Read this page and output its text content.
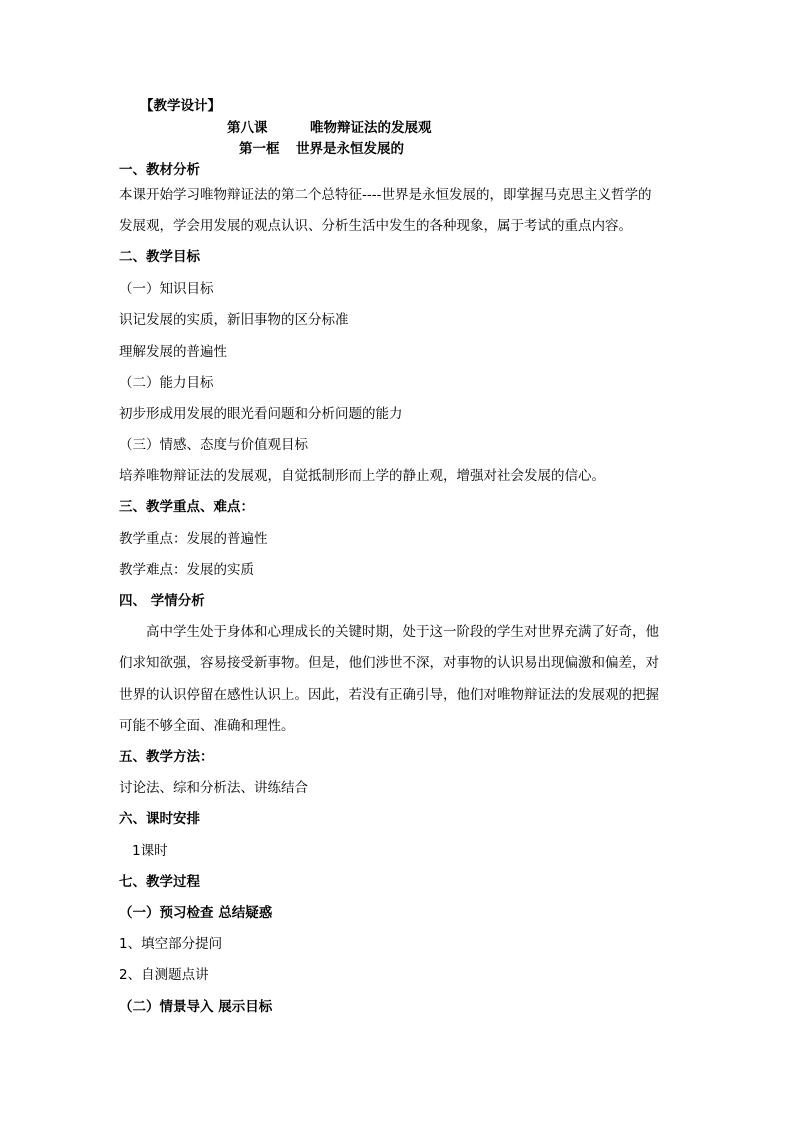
【教学设计】
第八课	唯物辩证法的发展观
第一框 世界是永恒发展的
一、教材分析
本课开始学习唯物辩证法的第二个总特征----世界是永恒发展的，即掌握马克思主义哲学的
发展观，学会用发展的观点认识、分析生活中发生的各种现象，属于考试的重点内容。
二、教学目标
（一）知识目标
识记发展的实质，新旧事物的区分标准
理解发展的普遍性
（二）能力目标
初步形成用发展的眼光看问题和分析问题的能力
（三）情感、态度与价值观目标
培养唯物辩证法的发展观，自觉抵制形而上学的静止观，增强对社会发展的信心。
三、教学重点、难点：
教学重点：发展的普遍性
教学难点：发展的实质
四、 学情分析
高中学生处于身体和心理成长的关键时期，处于这一阶段的学生对世界充满了好奇，他
们求知欲强，容易接受新事物。但是，他们涉世不深，对事物的认识易出现偏激和偏差，对
世界的认识停留在感性认识上。因此，若没有正确引导，他们对唯物辩证法的发展观的把握
可能不够全面、准确和理性。
五、教学方法：
讨论法、综和分析法、讲练结合
六、课时安排
1课时
七、教学过程
（一）预习检查 总结疑惑
1、填空部分提问
2、自测题点讲
（二）情景导入 展示目标
